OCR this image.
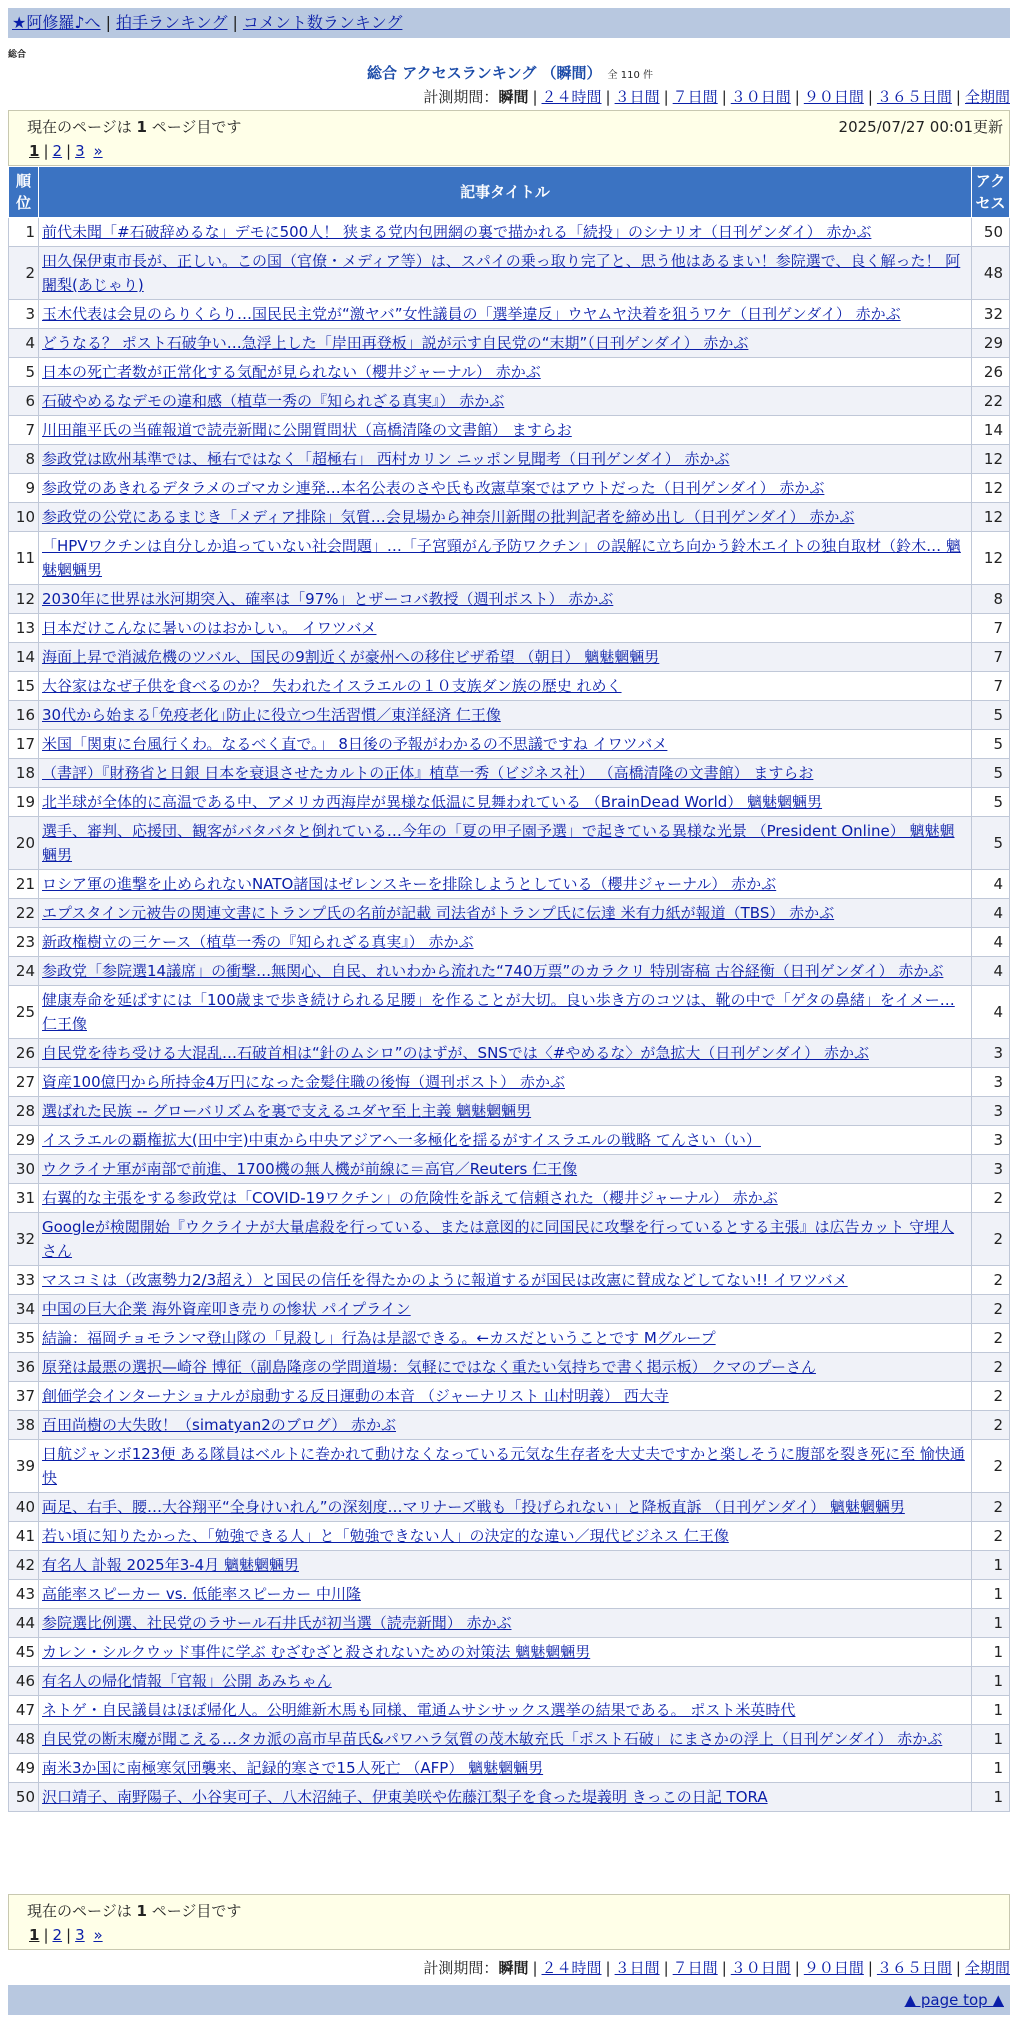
★阿修羅♪へ | 拍手ランキング | コメント数ランキング
総合
総合 アクセスランキング （瞬間） 全 110 件
計測期間：瞬間 | ２４時間 | ３日間 | ７日間 | ３０日間 | ９０日間 | ３６５日間 | 全期間
現在のページは 1 ページ目です	2025/07/27 00:01更新
1 | 2 | 3 »
順位	記事タイトル	アクセス
1	前代未聞「#石破辞めるな」デモに500人！ 狭まる党内包囲網の裏で描かれる「続投」のシナリオ（日刊ゲンダイ） 赤かぶ	50
2	田久保伊東市長が、正しい。この国（官僚・メディア等）は、スパイの乗っ取り完了と、思う他はあるまい！参院選で、良く解った！ 阿闍梨(あじゃり)	48
3	玉木代表は会見のらりくらり…国民民主党が“激ヤバ”女性議員の「選挙違反」ウヤムヤ決着を狙うワケ（日刊ゲンダイ） 赤かぶ	32
4	どうなる？ ポスト石破争い…急浮上した「岸田再登板」説が示す自民党の“末期”（日刊ゲンダイ） 赤かぶ	29
5	日本の死亡者数が正常化する気配が見られない（櫻井ジャーナル） 赤かぶ	26
6	石破やめるなデモの違和感（植草一秀の『知られざる真実』） 赤かぶ	22
7	川田龍平氏の当確報道で読売新聞に公開質問状（高橋清隆の文書館） ますらお	14
8	参政党は欧州基準では、極右ではなく「超極右」 西村カリン ニッポン見聞考（日刊ゲンダイ） 赤かぶ	12
9	参政党のあきれるデタラメのゴマカシ連発…本名公表のさや氏も改憲草案ではアウトだった（日刊ゲンダイ） 赤かぶ	12
10	参政党の公党にあるまじき「メディア排除」気質…会見場から神奈川新聞の批判記者を締め出し（日刊ゲンダイ） 赤かぶ	12
11	「HPVワクチンは自分しか追っていない社会問題」…「子宮頸がん予防ワクチン」の誤解に立ち向かう鈴木エイトの独自取材（鈴木… 魑魅魍魎男	12
12	2030年に世界は氷河期突入、確率は「97%」とザーコバ教授（週刊ポスト） 赤かぶ	8
13	日本だけこんなに暑いのはおかしい。 イワツバメ	7
14	海面上昇で消滅危機のツバル、国民の9割近くが豪州への移住ビザ希望 （朝日） 魑魅魍魎男	7
15	大谷家はなぜ子供を食べるのか？ 失われたイスラエルの１０支族ダン族の歴史 れめく	7
16	30代から始まる｢免疫老化｣防止に役立つ生活習慣／東洋経済 仁王像	5
17	米国「関東に台風行くわ。なるべく直で。」 8日後の予報がわかるの不思議ですね イワツバメ	5
18	（書評）『財務省と日銀 日本を衰退させたカルトの正体』植草一秀（ビジネス社） （高橋清隆の文書館） ますらお	5
19	北半球が全体的に高温である中、アメリカ西海岸が異様な低温に見舞われている （BrainDead World） 魑魅魍魎男	5
20	選手、審判、応援団、観客がバタバタと倒れている…今年の「夏の甲子園予選」で起きている異様な光景 （President Online） 魑魅魍魎男	5
21	ロシア軍の進撃を止められないNATO諸国はゼレンスキーを排除しようとしている（櫻井ジャーナル） 赤かぶ	4
22	エプスタイン元被告の関連文書にトランプ氏の名前が記載 司法省がトランプ氏に伝達 米有力紙が報道（TBS） 赤かぶ	4
23	新政権樹立の三ケース（植草一秀の『知られざる真実』） 赤かぶ	4
24	参政党「参院選14議席」の衝撃…無関心、自民、れいわから流れた“740万票”のカラクリ 特別寄稿 古谷経衡（日刊ゲンダイ） 赤かぶ	4
25	健康寿命を延ばすには「100歳まで歩き続けられる足腰」を作ることが大切。良い歩き方のコツは、靴の中で「ゲタの鼻緒」をイメー… 仁王像	4
26	自民党を待ち受ける大混乱…石破首相は“針のムシロ”のはずが、SNSでは〈#やめるな〉が急拡大（日刊ゲンダイ） 赤かぶ	3
27	資産100億円から所持金4万円になった金髪住職の後悔（週刊ポスト） 赤かぶ	3
28	選ばれた民族 -- グローバリズムを裏で支えるユダヤ至上主義 魑魅魍魎男	3
29	イスラエルの覇権拡大(田中宇)中東から中央アジアへ一多極化を揺るがすイスラエルの戦略 てんさい（い）	3
30	ウクライナ軍が南部で前進、1700機の無人機が前線に＝高官／Reuters 仁王像	3
31	右翼的な主張をする参政党は「COVID-19ワクチン」の危険性を訴えて信頼された（櫻井ジャーナル） 赤かぶ	2
32	Googleが検閲開始『ウクライナが大量虐殺を行っている、または意図的に同国民に攻撃を行っているとする主張』は広告カット 守埋人さん	2
33	マスコミは（改憲勢力2/3超え）と国民の信任を得たかのように報道するが国民は改憲に賛成などしてない!! イワツバメ	2
34	中国の巨大企業 海外資産叩き売りの惨状 パイプライン	2
35	結論：福岡チョモランマ登山隊の「見殺し」行為は是認できる。←カスだということです Mグループ	2
36	原発は最悪の選択—崎谷 博征（副島隆彦の学問道場：気軽にではなく重たい気持ちで書く掲示板） クマのプーさん	2
37	創価学会インターナショナルが扇動する反日運動の本音 （ジャーナリスト 山村明義） 西大寺	2
38	百田尚樹の大失敗！（simatyan2のブログ） 赤かぶ	2
39	日航ジャンボ123便 ある隊員はベルトに巻かれて動けなくなっている元気な生存者を大丈夫ですかと楽しそうに腹部を裂き死に至 愉快通快	2
40	両足、右手、腰…大谷翔平“全身けいれん”の深刻度…マリナーズ戦も「投げられない」と降板直訴 （日刊ゲンダイ） 魑魅魍魎男	2
41	若い頃に知りたかった、「勉強できる人」と「勉強できない人」の決定的な違い／現代ビジネス 仁王像	2
42	有名人 訃報 2025年3-4月 魑魅魍魎男	1
43	高能率スピーカー vs. 低能率スピーカー 中川隆	1
44	参院選比例選、社民党のラサール石井氏が初当選（読売新聞） 赤かぶ	1
45	カレン・シルクウッド事件に学ぶ むざむざと殺されないための対策法 魑魅魍魎男	1
46	有名人の帰化情報「官報」公開 あみちゃん	1
47	ネトゲ・自民議員はほぼ帰化人。公明維新木馬も同様、電通ムサシサックス選挙の結果である。 ポスト米英時代	1
48	自民党の断末魔が聞こえる…タカ派の高市早苗氏&パワハラ気質の茂木敏充氏「ポスト石破」にまさかの浮上（日刊ゲンダイ） 赤かぶ	1
49	南米3か国に南極寒気団襲来、記録的寒さで15人死亡 （AFP） 魑魅魍魎男	1
50	沢口靖子、南野陽子、小谷実可子、八木沼純子、伊東美咲や佐藤江梨子を食った堤義明 きっこの日記 TORA	1
現在のページは 1 ページ目です
1 | 2 | 3 »
計測期間：瞬間 | ２４時間 | ３日間 | ７日間 | ３０日間 | ９０日間 | ３６５日間 | 全期間
▲ page top ▲
